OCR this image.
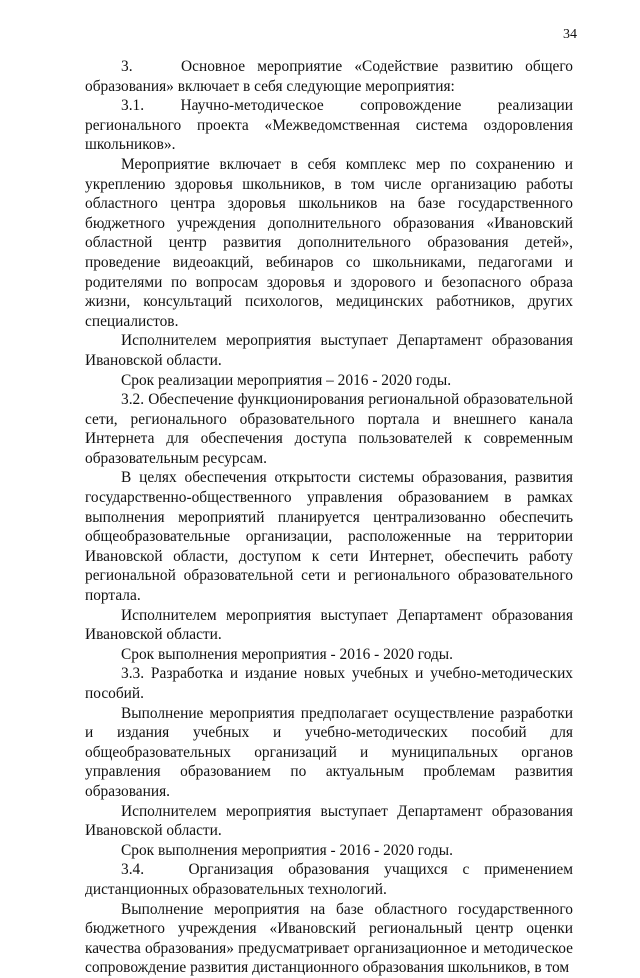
34

3.    Основное мероприятие «Содействие развитию общего образования» включает в себя следующие мероприятия:

3.1. Научно-методическое сопровождение реализации регионального проекта «Межведомственная система оздоровления школьников».

Мероприятие включает в себя комплекс мер по сохранению и укреплению здоровья школьников, в том числе организацию работы областного центра здоровья школьников на базе государственного бюджетного учреждения дополнительного образования «Ивановский областной центр развития дополнительного образования детей», проведение видеоакций, вебинаров со школьниками, педагогами и родителями по вопросам здоровья и здорового и безопасного образа жизни, консультаций психологов, медицинских работников, других специалистов.

Исполнителем мероприятия выступает Департамент образования Ивановской области.

Срок реализации мероприятия – 2016 - 2020 годы.

3.2. Обеспечение функционирования региональной образовательной сети, регионального образовательного портала и внешнего канала Интернета для обеспечения доступа пользователей к современным образовательным ресурсам.

В целях обеспечения открытости системы образования, развития государственно-общественного управления образованием в рамках выполнения мероприятий планируется централизованно обеспечить общеобразовательные организации, расположенные на территории Ивановской области, доступом к сети Интернет, обеспечить работу региональной образовательной сети и регионального образовательного портала.

Исполнителем мероприятия выступает Департамент образования Ивановской области.

Срок выполнения мероприятия - 2016 - 2020 годы.

3.3. Разработка и издание новых учебных и учебно-методических пособий.

Выполнение мероприятия предполагает осуществление разработки и издания учебных и учебно-методических пособий для общеобразовательных организаций и муниципальных органов управления образованием по актуальным проблемам развития образования.

Исполнителем мероприятия выступает Департамент образования Ивановской области.

Срок выполнения мероприятия - 2016 - 2020 годы.

3.4.   Организация образования учащихся с применением дистанционных образовательных технологий.

Выполнение мероприятия на базе областного государственного бюджетного учреждения «Ивановский региональный центр оценки качества образования» предусматривает организационное и методическое сопровождение развития дистанционного образования школьников, в том
